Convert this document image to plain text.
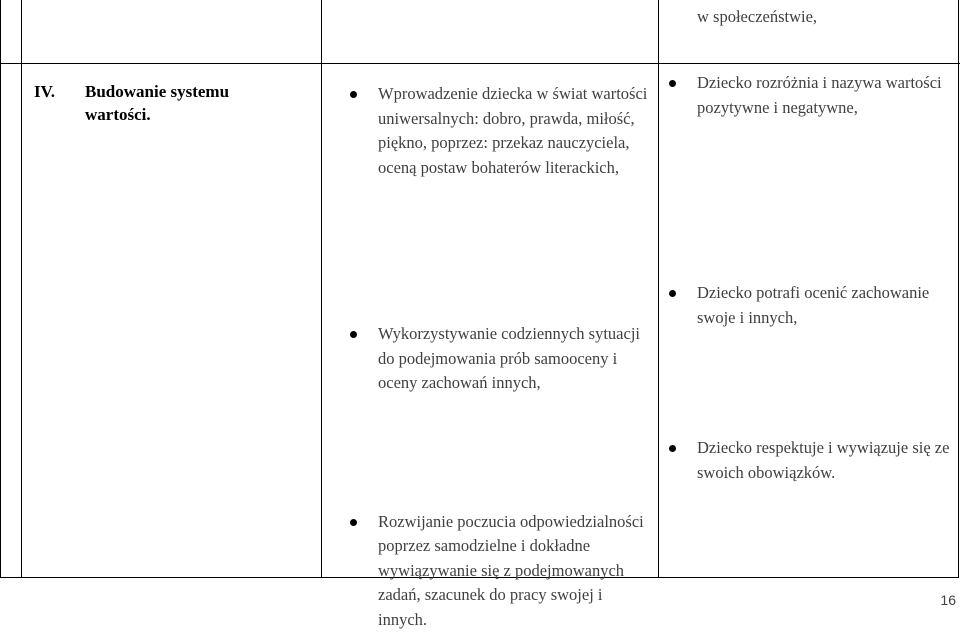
w społeczeństwie,
IV. Budowanie systemu wartości.
Wprowadzenie dziecka w świat wartości uniwersalnych: dobro, prawda, miłość, piękno, poprzez: przekaz nauczyciela, oceną postaw bohaterów literackich,
Wykorzystywanie codziennych sytuacji do podejmowania prób samooceny i oceny zachowań innych,
Rozwijanie poczucia odpowiedzialności poprzez samodzielne i dokładne wywiązywanie się z podejmowanych zadań, szacunek do pracy swojej i innych.
Dziecko rozróżnia i nazywa wartości pozytywne i negatywne,
Dziecko potrafi ocenić zachowanie swoje i innych,
Dziecko respektuje i wywiązuje się ze swoich obowiązków.
16
